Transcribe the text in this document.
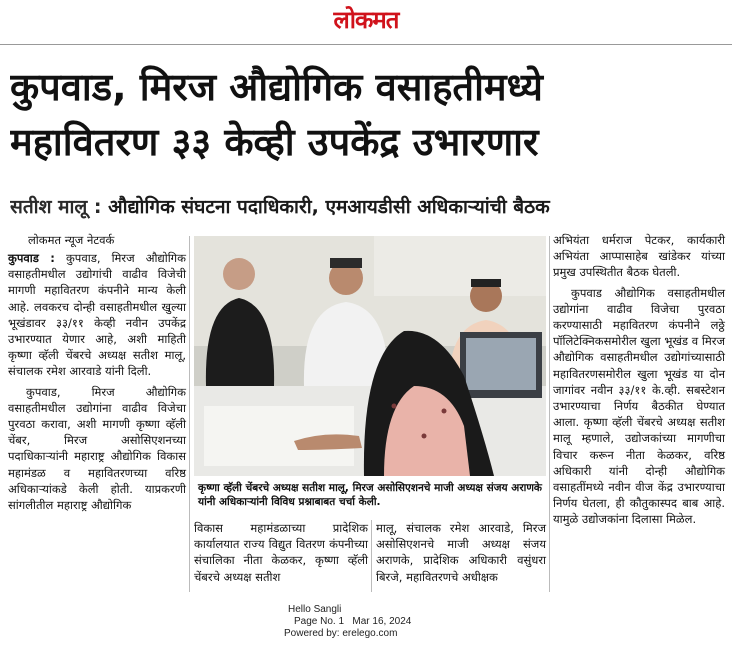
लोकमत
कुपवाड, मिरज औद्योगिक वसाहतीमध्ये
महावितरण ३३ केव्ही उपकेंद्र उभारणार
सतीश मालू : औद्योगिक संघटना पदाधिकारी, एमआयडीसी अधिकाऱ्यांची बैठक
लोकमत न्यूज नेटवर्क

कुपवाड : कुपवाड, मिरज औद्योगिक वसाहतीमधील उद्योगांची वाढीव विजेची मागणी महावितरण कंपनीने मान्य केली आहे. लवकरच दोन्ही वसाहतीमधील खुल्या भूखंडावर ३३/११ केव्ही नवीन उपकेंद्र उभारण्यात येणार आहे, अशी माहिती कृष्णा व्हॅली चेंबरचे अध्यक्ष सतीश मालू, संचालक रमेश आरवाडे यांनी दिली.

कुपवाड, मिरज औद्योगिक वसाहतीमधील उद्योगांना वाढीव विजेचा पुरवठा करावा, अशी मागणी कृष्णा व्हॅली चेंबर, मिरज असोसिएशनच्या पदाधिकाऱ्यांनी महाराष्ट्र औद्योगिक विकास महामंडळ व महावितरणच्या वरिष्ठ अधिकाऱ्यांकडे केली होती. याप्रकरणी सांगलीतील महाराष्ट्र औद्योगिक

कृष्णा व्हॅली चेंबरचे अध्यक्ष सतीश मालू, मिरज असोसिएशनचे माजी अध्यक्ष संजय अराणके यांनी अधिकाऱ्यांनी विविध प्रश्नाबाबत चर्चा केली.
विकास महामंडळाच्या प्रादेशिक कार्यालयात राज्य विद्युत वितरण कंपनीच्या संचालिका नीता केळकर, कृष्णा व्हॅली चेंबरचे अध्यक्ष सतीश
मालू, संचालक रमेश आरवाडे, मिरज असोसिएशनचे माजी अध्यक्ष संजय अराणके, प्रादेशिक अधिकारी वसुंधरा बिरजे, महावितरणचे अधीक्षक

अभियंता धर्मराज पेटकर, कार्यकारी अभियंता आप्पासाहेब खांडेकर यांच्या प्रमुख उपस्थितीत बैठक घेतली.

कुपवाड औद्योगिक वसाहतीमधील उद्योगांना वाढीव विजेचा पुरवठा करण्यासाठी महावितरण कंपनीने लठ्ठे पॉलिटेक्निकसमोरील खुला भूखंड व मिरज औद्योगिक वसाहतीमधील उद्योगांच्यासाठी महावितरणसमोरील खुला भूखंड या दोन जागांवर नवीन ३३/११ के.व्ही. सबस्टेशन उभारण्याचा निर्णय बैठकीत घेण्यात आला. कृष्णा व्हॅली चेंबरचे अध्यक्ष सतीश मालू म्हणाले, उद्योजकांच्या मागणीचा विचार करून नीता केळकर, वरिष्ठ अधिकारी यांनी दोन्ही औद्योगिक वसाहतींमध्ये नवीन वीज केंद्र उभारण्याचा निर्णय घेतला, ही कौतुकास्पद बाब आहे. यामुळे उद्योजकांना दिलासा मिळेल.

Hello Sangli
Page No. 1 Mar 16, 2024
Powered by: erelego.com
